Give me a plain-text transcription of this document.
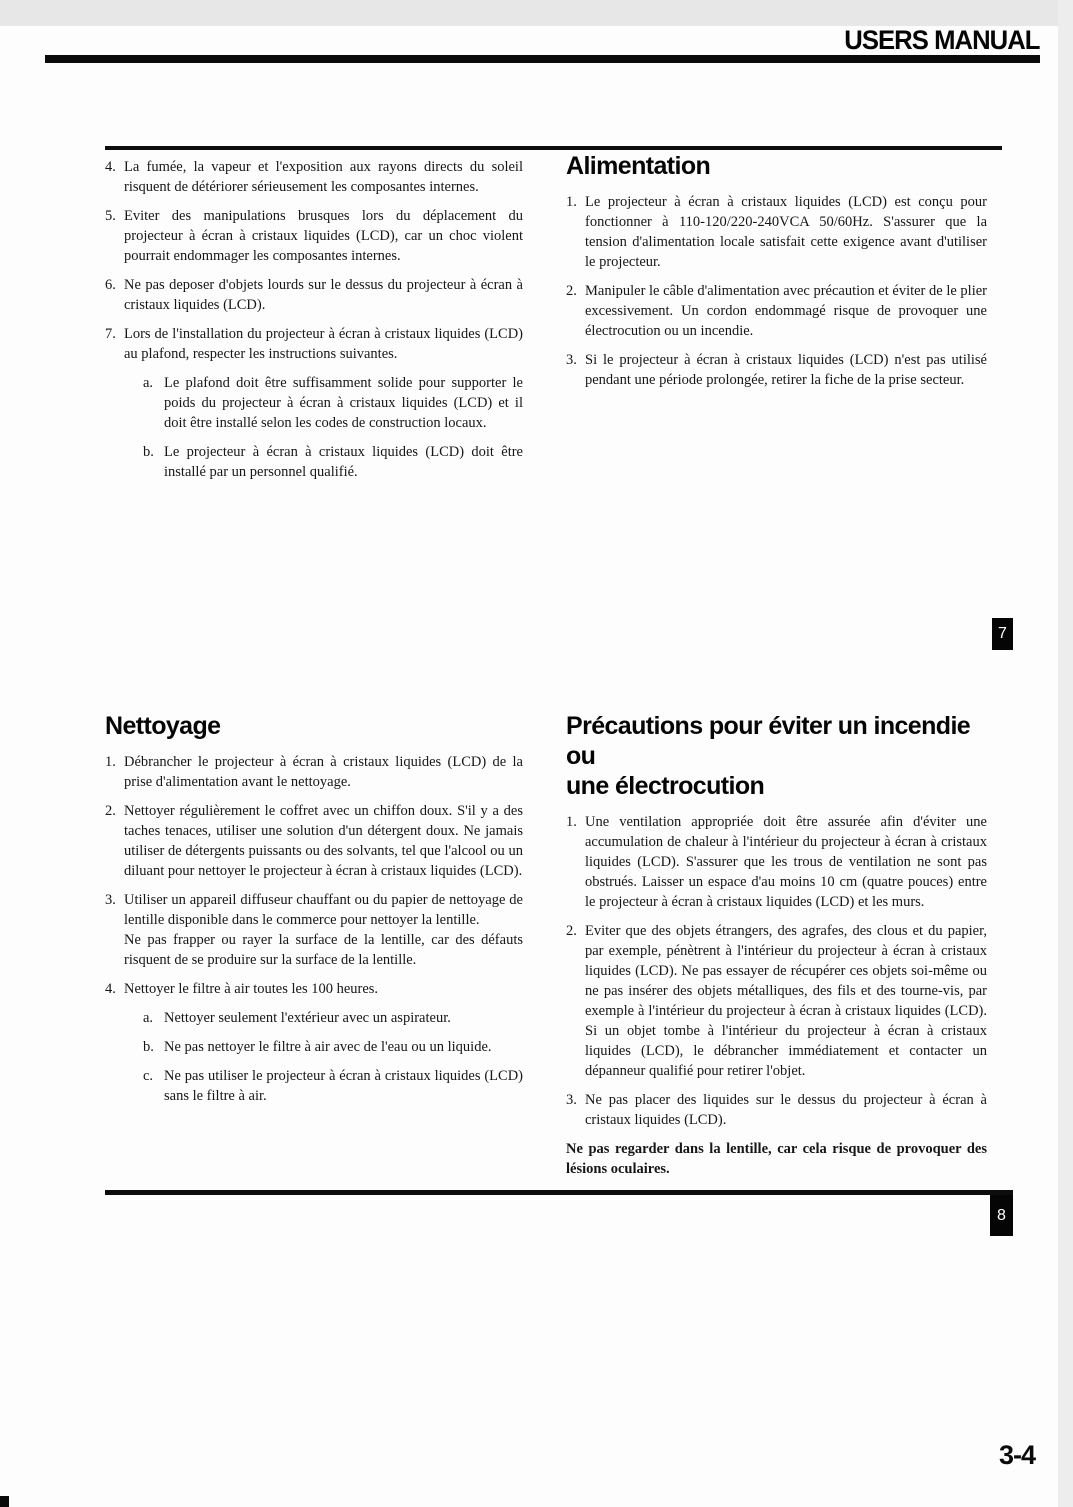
USERS MANUAL
4. La fumée, la vapeur et l'exposition aux rayons directs du soleil risquent de détériorer sérieusement les composantes internes.
5. Eviter des manipulations brusques lors du déplacement du projecteur à écran à cristaux liquides (LCD), car un choc violent pourrait endommager les composantes internes.
6. Ne pas deposer d'objets lourds sur le dessus du projecteur à écran à cristaux liquides (LCD).
7. Lors de l'installation du projecteur à écran à cristaux liquides (LCD) au plafond, respecter les instructions suivantes.
a. Le plafond doit être suffisamment solide pour supporter le poids du projecteur à écran à cristaux liquides (LCD) et il doit être installé selon les codes de construction locaux.
b. Le projecteur à écran à cristaux liquides (LCD) doit être installé par un personnel qualifié.
Alimentation
1. Le projecteur à écran à cristaux liquides (LCD) est conçu pour fonctionner à 110-120/220-240VCA 50/60Hz. S'assurer que la tension d'alimentation locale satisfait cette exigence avant d'utiliser le projecteur.
2. Manipuler le câble d'alimentation avec précaution et éviter de le plier excessivement. Un cordon endommagé risque de provoquer une électrocution ou un incendie.
3. Si le projecteur à écran à cristaux liquides (LCD) n'est pas utilisé pendant une période prolongée, retirer la fiche de la prise secteur.
7
Nettoyage
1. Débrancher le projecteur à écran à cristaux liquides (LCD) de la prise d'alimentation avant le nettoyage.
2. Nettoyer régulièrement le coffret avec un chiffon doux. S'il y a des taches tenaces, utiliser une solution d'un détergent doux. Ne jamais utiliser de détergents puissants ou des solvants, tel que l'alcool ou un diluant pour nettoyer le projecteur à écran à cristaux liquides (LCD).
3. Utiliser un appareil diffuseur chauffant ou du papier de nettoyage de lentille disponible dans le commerce pour nettoyer la lentille.
Ne pas frapper ou rayer la surface de la lentille, car des défauts risquent de se produire sur la surface de la lentille.
4. Nettoyer le filtre à air toutes les 100 heures.
a. Nettoyer seulement l'extérieur avec un aspirateur.
b. Ne pas nettoyer le filtre à air avec de l'eau ou un liquide.
c. Ne pas utiliser le projecteur à écran à cristaux liquides (LCD) sans le filtre à air.
Précautions pour éviter un incendie ou
une électrocution
1. Une ventilation appropriée doit être assurée afin d'éviter une accumulation de chaleur à l'intérieur du projecteur à écran à cristaux liquides (LCD). S'assurer que les trous de ventilation ne sont pas obstrués. Laisser un espace d'au moins 10 cm (quatre pouces) entre le projecteur à écran à cristaux liquides (LCD) et les murs.
2. Eviter que des objets étrangers, des agrafes, des clous et du papier, par exemple, pénètrent à l'intérieur du projecteur à écran à cristaux liquides (LCD). Ne pas essayer de récupérer ces objets soi-même ou ne pas insérer des objets métalliques, des fils et des tourne-vis, par exemple à l'intérieur du projecteur à écran à cristaux liquides (LCD). Si un objet tombe à l'intérieur du projecteur à écran à cristaux liquides (LCD), le débrancher immédiatement et contacter un dépanneur qualifié pour retirer l'objet.
3. Ne pas placer des liquides sur le dessus du projecteur à écran à cristaux liquides (LCD).
Ne pas regarder dans la lentille, car cela risque de provoquer des lésions oculaires.
8
3-4
